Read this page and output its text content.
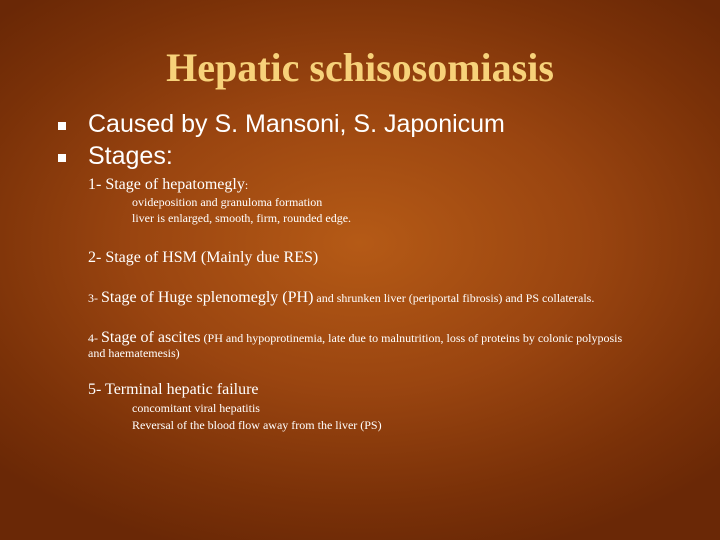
Hepatic schisosomiasis
Caused by S. Mansoni, S. Japonicum
Stages:
1- Stage of hepatomegly:
ovideposition and granuloma formation
liver is enlarged, smooth, firm, rounded edge.
2- Stage of HSM (Mainly due RES)
3- Stage of Huge splenomegly (PH) and shrunken liver (periportal fibrosis) and PS collaterals.
4- Stage of ascites (PH and hypoprotinemia, late due to malnutrition, loss of proteins by colonic polyposis
and haematemesis)
5- Terminal hepatic failure
concomitant viral hepatitis
Reversal of the blood flow away from the liver (PS)
